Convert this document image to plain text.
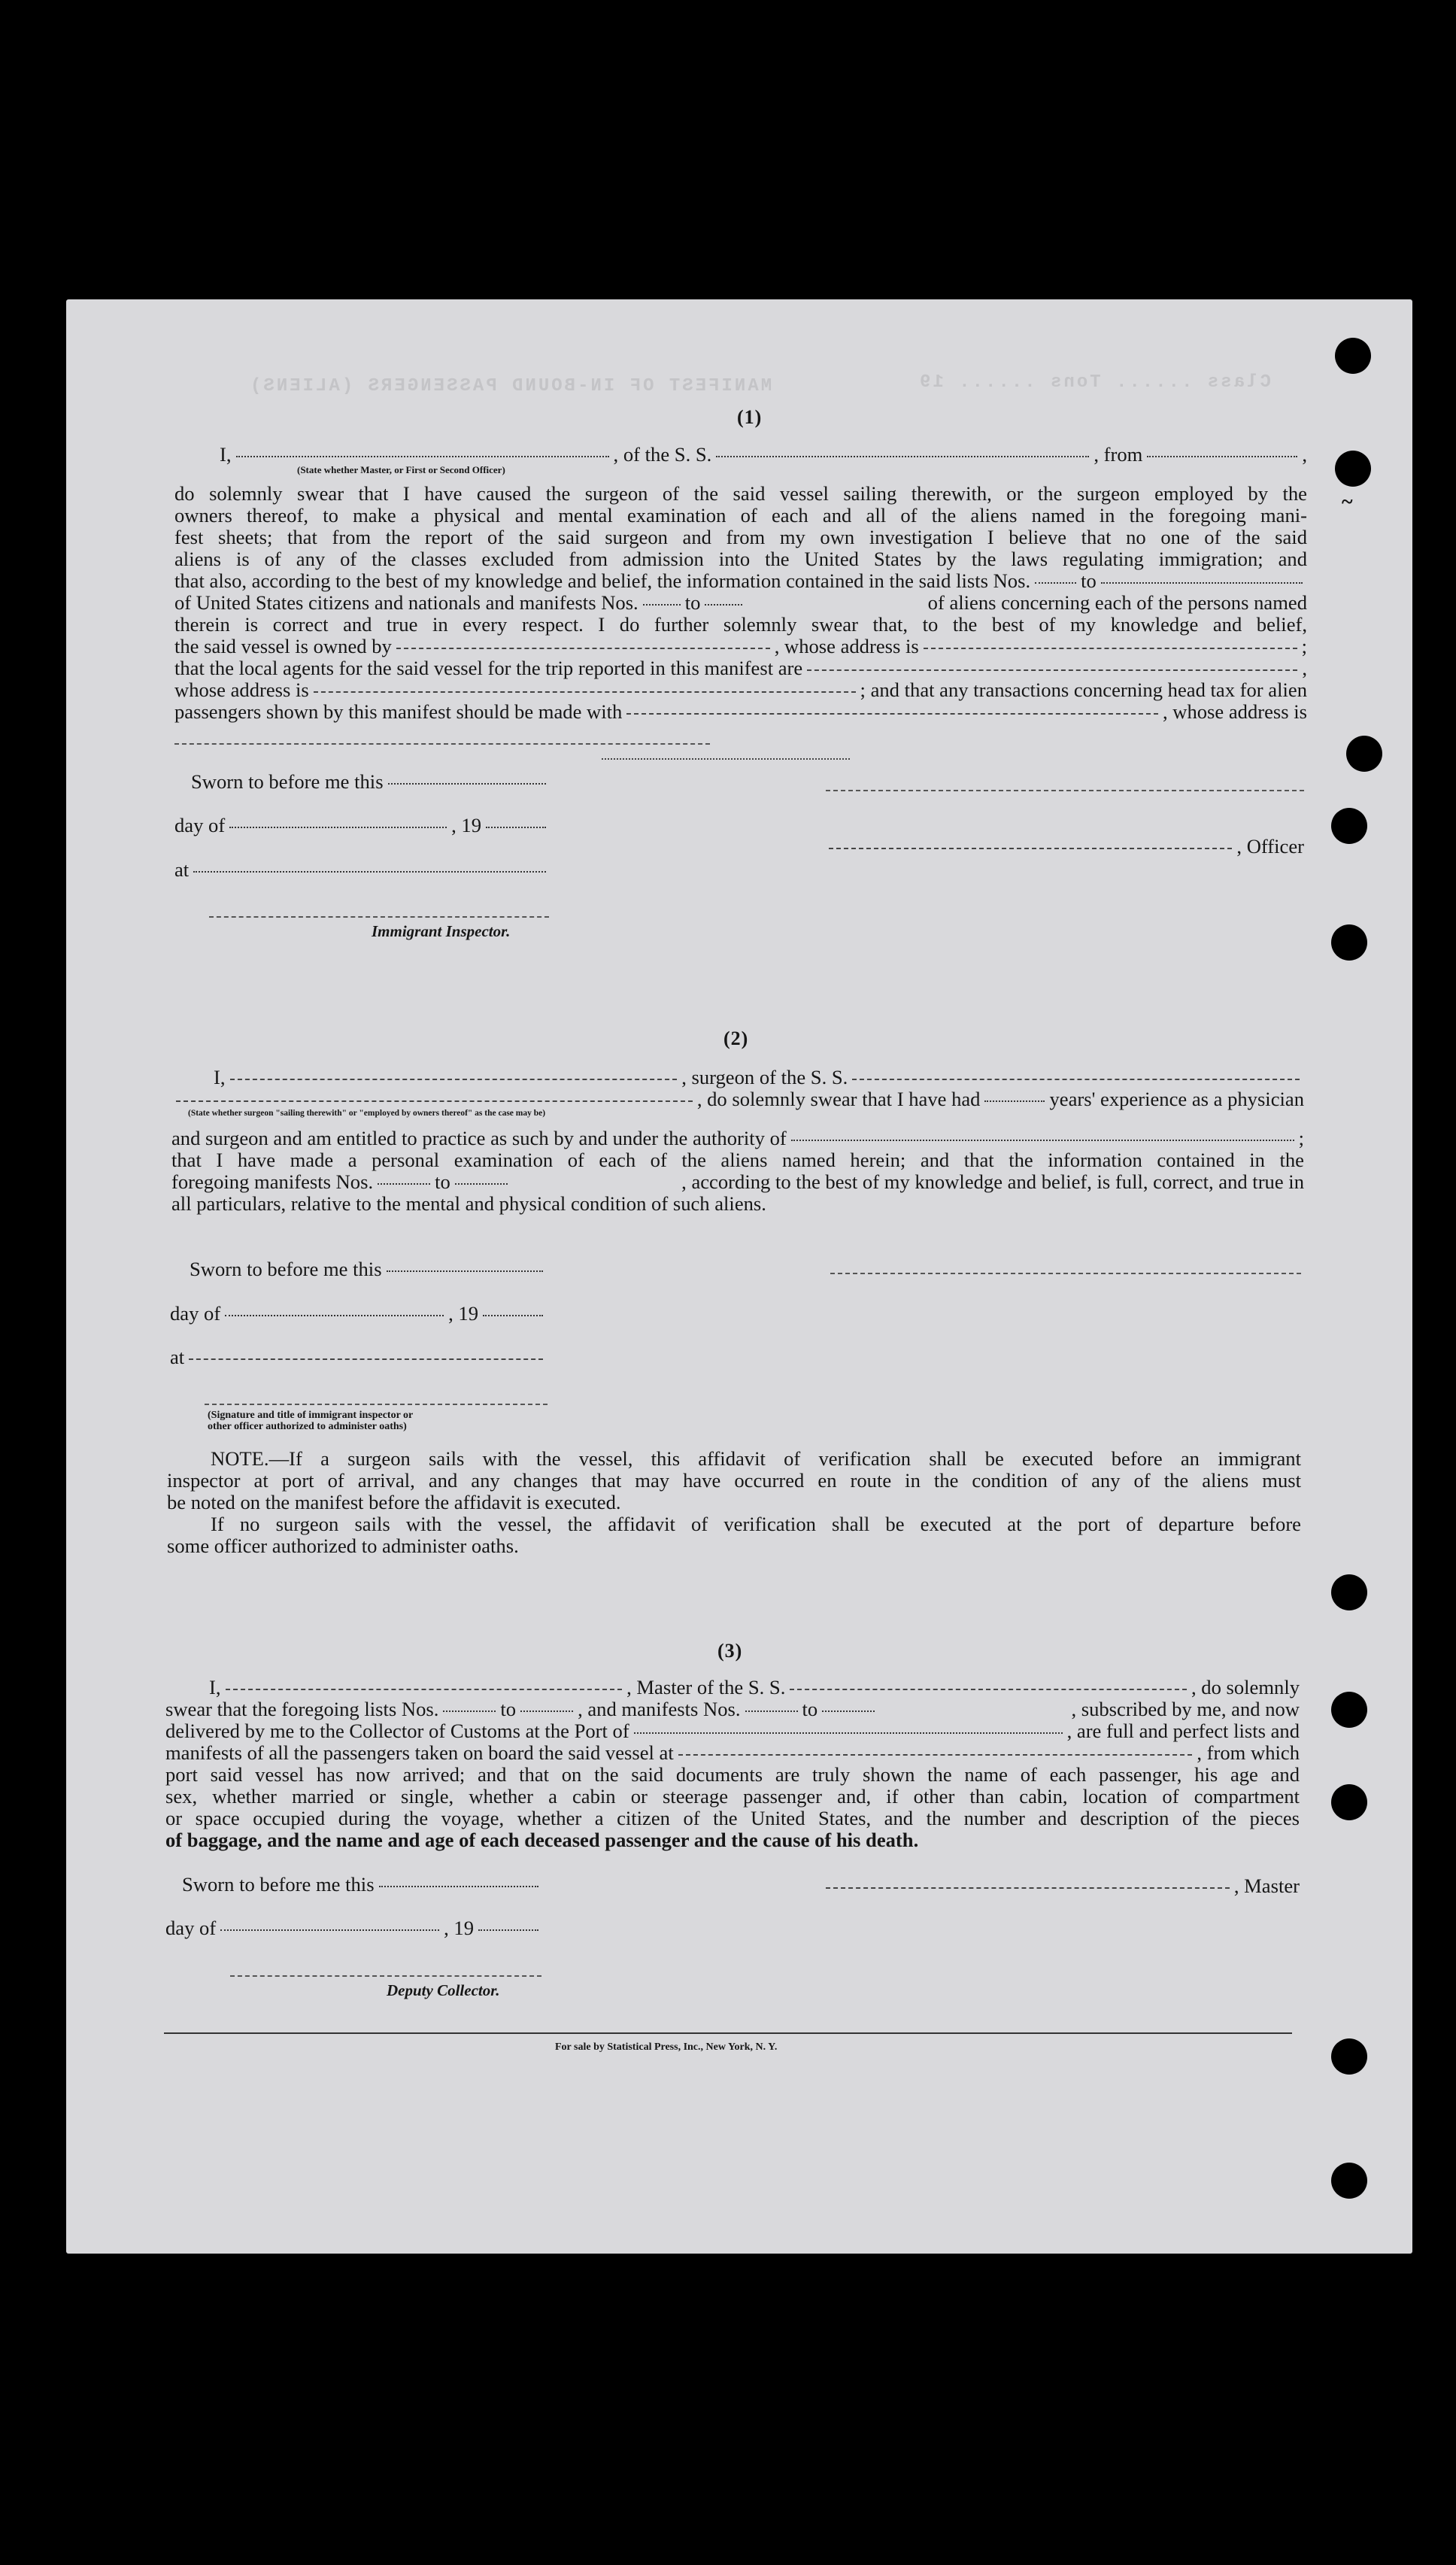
MANIFEST OF IN-BOUND PASSENGERS (ALIENS)	Class ...... Tons ...... 19
~
(1)
I,	, of the S. S.	, from	,
(State whether Master, or First or Second Officer)

do solemnly swear that I have caused the surgeon of the said vessel sailing therewith, or the surgeon employed by the

owners thereof, to make a physical and mental examination of each and all of the aliens named in the foregoing mani-

fest sheets; that from the report of the said surgeon and from my own investigation I believe that no one of the said

aliens is of any of the classes excluded from admission into the United States by the laws regulating immigration; and

that also, according to the best of my knowledge and belief, the information contained in the said lists Nos.	to
of United States citizens and nationals and manifests Nos. to	of aliens concerning each of the persons named

therein is correct and true in every respect. I do further solemnly swear that, to the best of my knowledge and belief,

the said vessel is owned by	, whose address is	;
that the local agents for the said vessel for the trip reported in this manifest are	,
whose address is	; and that any transactions concerning head tax for alien
passengers shown by this manifest should be made with	, whose address is
Sworn to before me this
day of	, 19
, Officer
at
Immigrant Inspector.
(2)
I,	, surgeon of the S. S.
, do solemnly swear that I have had	years' experience as a physician
(State whether surgeon "sailing therewith" or "employed by owners thereof" as the case may be)
and surgeon and am entitled to practice as such by and under the authority of	;

that I have made a personal examination of each of the aliens named herein; and that the information contained in the

foregoing manifests Nos.	to	, according to the best of my knowledge and belief, is full, correct, and true in

all particulars, relative to the mental and physical condition of such aliens.

Sworn to before me this
day of	, 19
at
(Signature and title of immigrant inspector or
other officer authorized to administer oaths)

NOTE.—If a surgeon sails with the vessel, this affidavit of verification shall be executed before an immigrant

inspector at port of arrival, and any changes that may have occurred en route in the condition of any of the aliens must

be noted on the manifest before the affidavit is executed.

If no surgeon sails with the vessel, the affidavit of verification shall be executed at the port of departure before

some officer authorized to administer oaths.

(3)
I,	, Master of the S. S.	, do solemnly
swear that the foregoing lists Nos.	to	, and manifests Nos.	to	, subscribed by me, and now
delivered by me to the Collector of Customs at the Port of	, are full and perfect lists and
manifests of all the passengers taken on board the said vessel at	, from which

port said vessel has now arrived; and that on the said documents are truly shown the name of each passenger, his age and

sex, whether married or single, whether a cabin or steerage passenger and, if other than cabin, location of compartment

or space occupied during the voyage, whether a citizen of the United States, and the number and description of the pieces

of baggage, and the name and age of each deceased passenger and the cause of his death.

Sworn to before me this	, Master
day of	, 19
Deputy Collector.
For sale by Statistical Press, Inc., New York, N. Y.
